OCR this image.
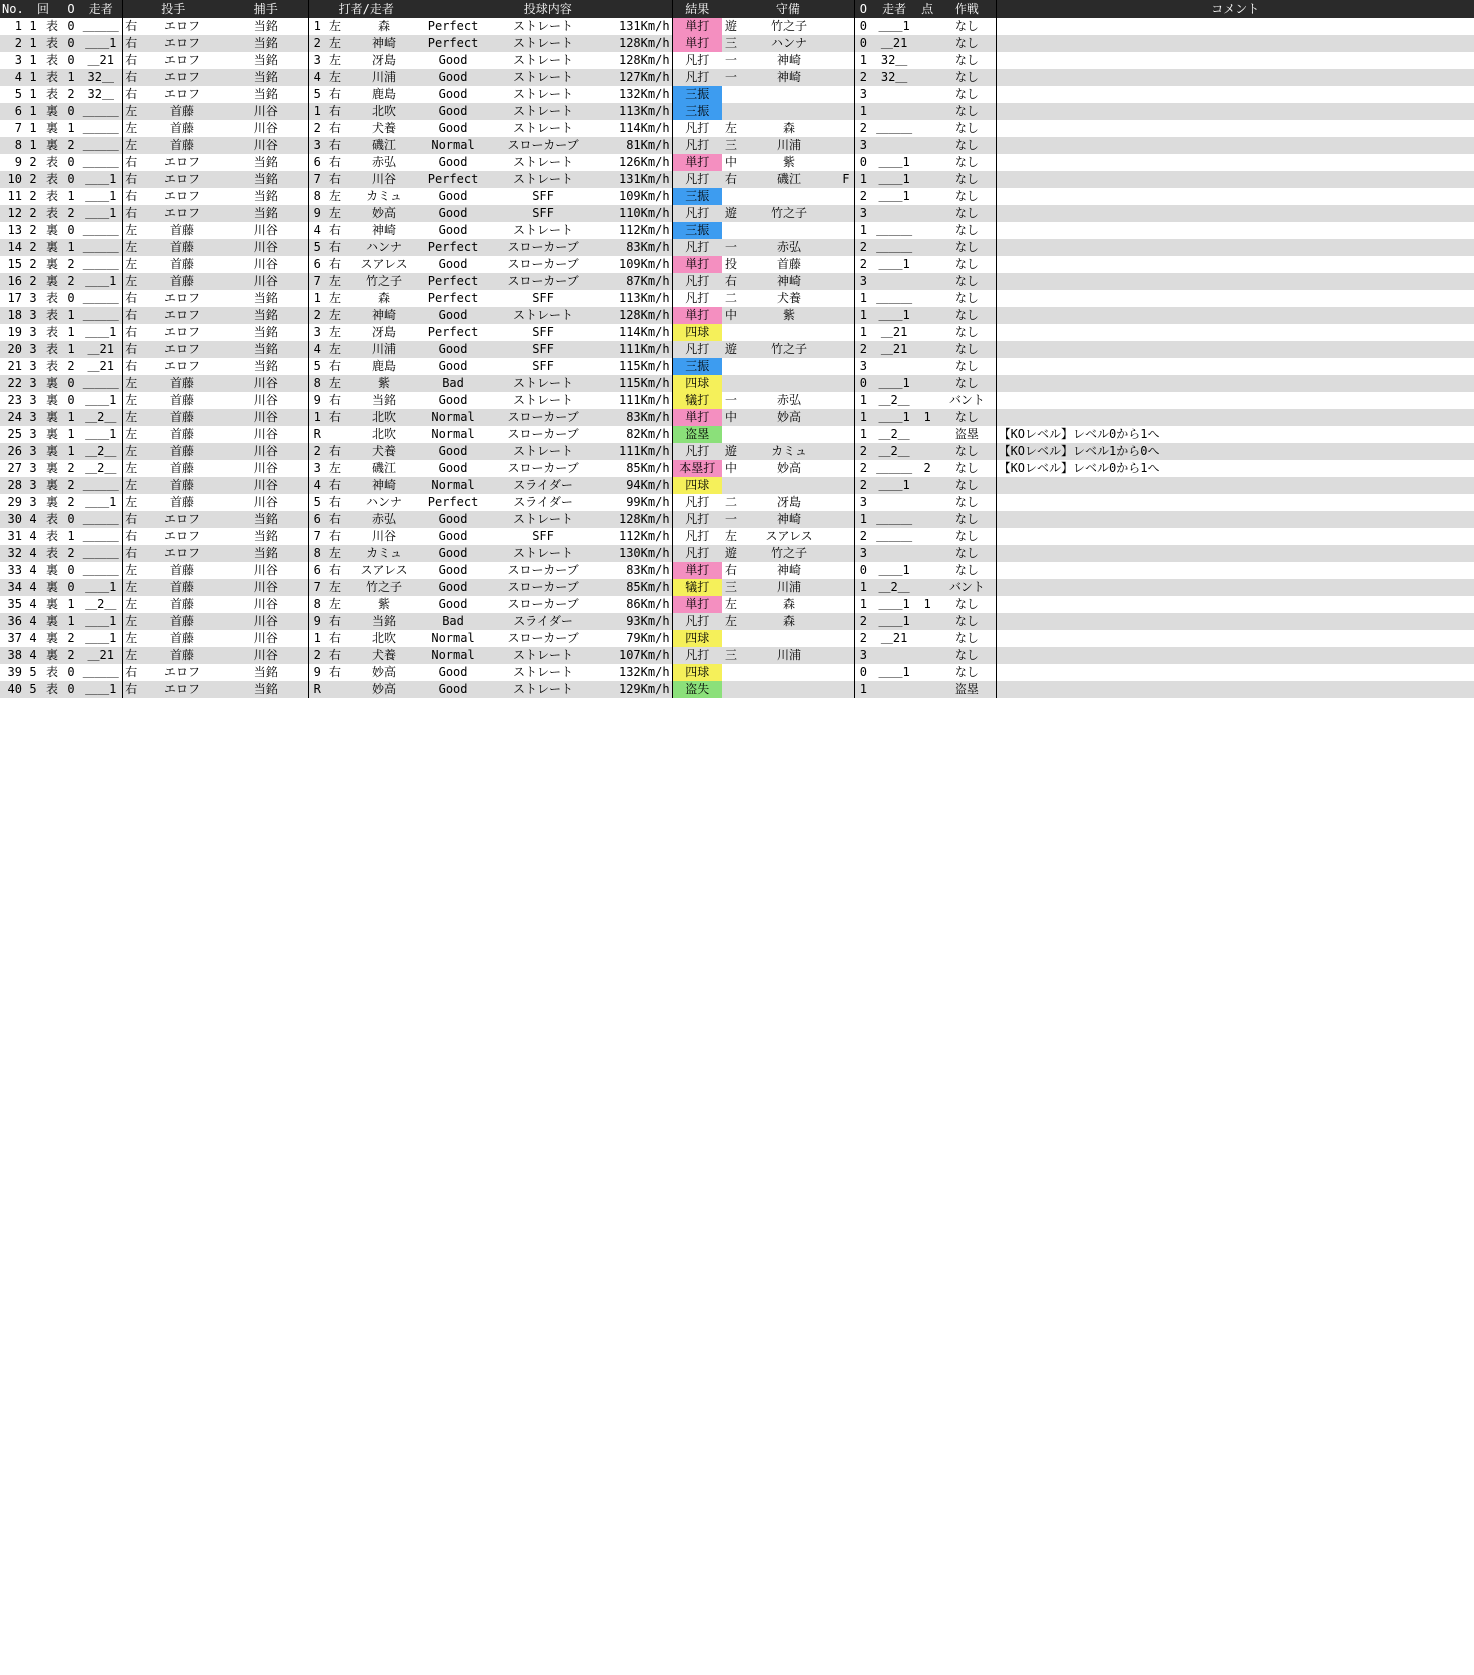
No.	回		O	走者	投手		捕手	打者/走者			投球内容			結果	守備			O	走者	点	作戦	コメント
1	1	表	0	＿＿＿	右	エロフ	当銘	1	左	森	Perfect	ストレート	131Km/h	単打	遊	竹之子		0	＿＿1		なし	
2	1	表	0	＿＿1	右	エロフ	当銘	2	左	神崎	Perfect	ストレート	128Km/h	単打	三	ハンナ		0	＿21		なし	
3	1	表	0	＿21	右	エロフ	当銘	3	左	冴島	Good	ストレート	128Km/h	凡打	一	神崎		1	32＿		なし	
4	1	表	1	32＿	右	エロフ	当銘	4	左	川浦	Good	ストレート	127Km/h	凡打	一	神崎		2	32＿		なし	
5	1	表	2	32＿	右	エロフ	当銘	5	右	鹿島	Good	ストレート	132Km/h	三振				3			なし	
6	1	裏	0	＿＿＿	左	首藤	川谷	1	右	北吹	Good	ストレート	113Km/h	三振				1			なし	
7	1	裏	1	＿＿＿	左	首藤	川谷	2	右	犬養	Good	ストレート	114Km/h	凡打	左	森		2	＿＿＿		なし	
8	1	裏	2	＿＿＿	左	首藤	川谷	3	右	磯江	Normal	スローカーブ	81Km/h	凡打	三	川浦		3			なし	
9	2	表	0	＿＿＿	右	エロフ	当銘	6	右	赤弘	Good	ストレート	126Km/h	単打	中	紫		0	＿＿1		なし	
10	2	表	0	＿＿1	右	エロフ	当銘	7	右	川谷	Perfect	ストレート	131Km/h	凡打	右	磯江	F	1	＿＿1		なし	
11	2	表	1	＿＿1	右	エロフ	当銘	8	左	カミュ	Good	SFF	109Km/h	三振				2	＿＿1		なし	
12	2	表	2	＿＿1	右	エロフ	当銘	9	左	妙高	Good	SFF	110Km/h	凡打	遊	竹之子		3			なし	
13	2	裏	0	＿＿＿	左	首藤	川谷	4	右	神崎	Good	ストレート	112Km/h	三振				1	＿＿＿		なし	
14	2	裏	1	＿＿＿	左	首藤	川谷	5	右	ハンナ	Perfect	スローカーブ	83Km/h	凡打	一	赤弘		2	＿＿＿		なし	
15	2	裏	2	＿＿＿	左	首藤	川谷	6	右	スアレス	Good	スローカーブ	109Km/h	単打	投	首藤		2	＿＿1		なし	
16	2	裏	2	＿＿1	左	首藤	川谷	7	左	竹之子	Perfect	スローカーブ	87Km/h	凡打	右	神崎		3			なし	
17	3	表	0	＿＿＿	右	エロフ	当銘	1	左	森	Perfect	SFF	113Km/h	凡打	二	犬養		1	＿＿＿		なし	
18	3	表	1	＿＿＿	右	エロフ	当銘	2	左	神崎	Good	ストレート	128Km/h	単打	中	紫		1	＿＿1		なし	
19	3	表	1	＿＿1	右	エロフ	当銘	3	左	冴島	Perfect	SFF	114Km/h	四球				1	＿21		なし	
20	3	表	1	＿21	右	エロフ	当銘	4	左	川浦	Good	SFF	111Km/h	凡打	遊	竹之子		2	＿21		なし	
21	3	表	2	＿21	右	エロフ	当銘	5	右	鹿島	Good	SFF	115Km/h	三振				3			なし	
22	3	裏	0	＿＿＿	左	首藤	川谷	8	左	紫	Bad	ストレート	115Km/h	四球				0	＿＿1		なし	
23	3	裏	0	＿＿1	左	首藤	川谷	9	右	当銘	Good	ストレート	111Km/h	犠打	一	赤弘		1	＿2＿		バント	
24	3	裏	1	＿2＿	左	首藤	川谷	1	右	北吹	Normal	スローカーブ	83Km/h	単打	中	妙高		1	＿＿1	1	なし	
25	3	裏	1	＿＿1	左	首藤	川谷	R		北吹	Normal	スローカーブ	82Km/h	盗塁				1	＿2＿		盗塁	【KOレベル】レベル0から1へ
26	3	裏	1	＿2＿	左	首藤	川谷	2	右	犬養	Good	ストレート	111Km/h	凡打	遊	カミュ		2	＿2＿		なし	【KOレベル】レベル1から0へ
27	3	裏	2	＿2＿	左	首藤	川谷	3	左	磯江	Good	スローカーブ	85Km/h	本塁打	中	妙高		2	＿＿＿	2	なし	【KOレベル】レベル0から1へ
28	3	裏	2	＿＿＿	左	首藤	川谷	4	右	神崎	Normal	スライダー	94Km/h	四球				2	＿＿1		なし	
29	3	裏	2	＿＿1	左	首藤	川谷	5	右	ハンナ	Perfect	スライダー	99Km/h	凡打	二	冴島		3			なし	
30	4	表	0	＿＿＿	右	エロフ	当銘	6	右	赤弘	Good	ストレート	128Km/h	凡打	一	神崎		1	＿＿＿		なし	
31	4	表	1	＿＿＿	右	エロフ	当銘	7	右	川谷	Good	SFF	112Km/h	凡打	左	スアレス		2	＿＿＿		なし	
32	4	表	2	＿＿＿	右	エロフ	当銘	8	左	カミュ	Good	ストレート	130Km/h	凡打	遊	竹之子		3			なし	
33	4	裏	0	＿＿＿	左	首藤	川谷	6	右	スアレス	Good	スローカーブ	83Km/h	単打	右	神崎		0	＿＿1		なし	
34	4	裏	0	＿＿1	左	首藤	川谷	7	左	竹之子	Good	スローカーブ	85Km/h	犠打	三	川浦		1	＿2＿		バント	
35	4	裏	1	＿2＿	左	首藤	川谷	8	左	紫	Good	スローカーブ	86Km/h	単打	左	森		1	＿＿1	1	なし	
36	4	裏	1	＿＿1	左	首藤	川谷	9	右	当銘	Bad	スライダー	93Km/h	凡打	左	森		2	＿＿1		なし	
37	4	裏	2	＿＿1	左	首藤	川谷	1	右	北吹	Normal	スローカーブ	79Km/h	四球				2	＿21		なし	
38	4	裏	2	＿21	左	首藤	川谷	2	右	犬養	Normal	ストレート	107Km/h	凡打	三	川浦		3			なし	
39	5	表	0	＿＿＿	右	エロフ	当銘	9	右	妙高	Good	ストレート	132Km/h	四球				0	＿＿1		なし	
40	5	表	0	＿＿1	右	エロフ	当銘	R		妙高	Good	ストレート	129Km/h	盗失				1			盗塁	
